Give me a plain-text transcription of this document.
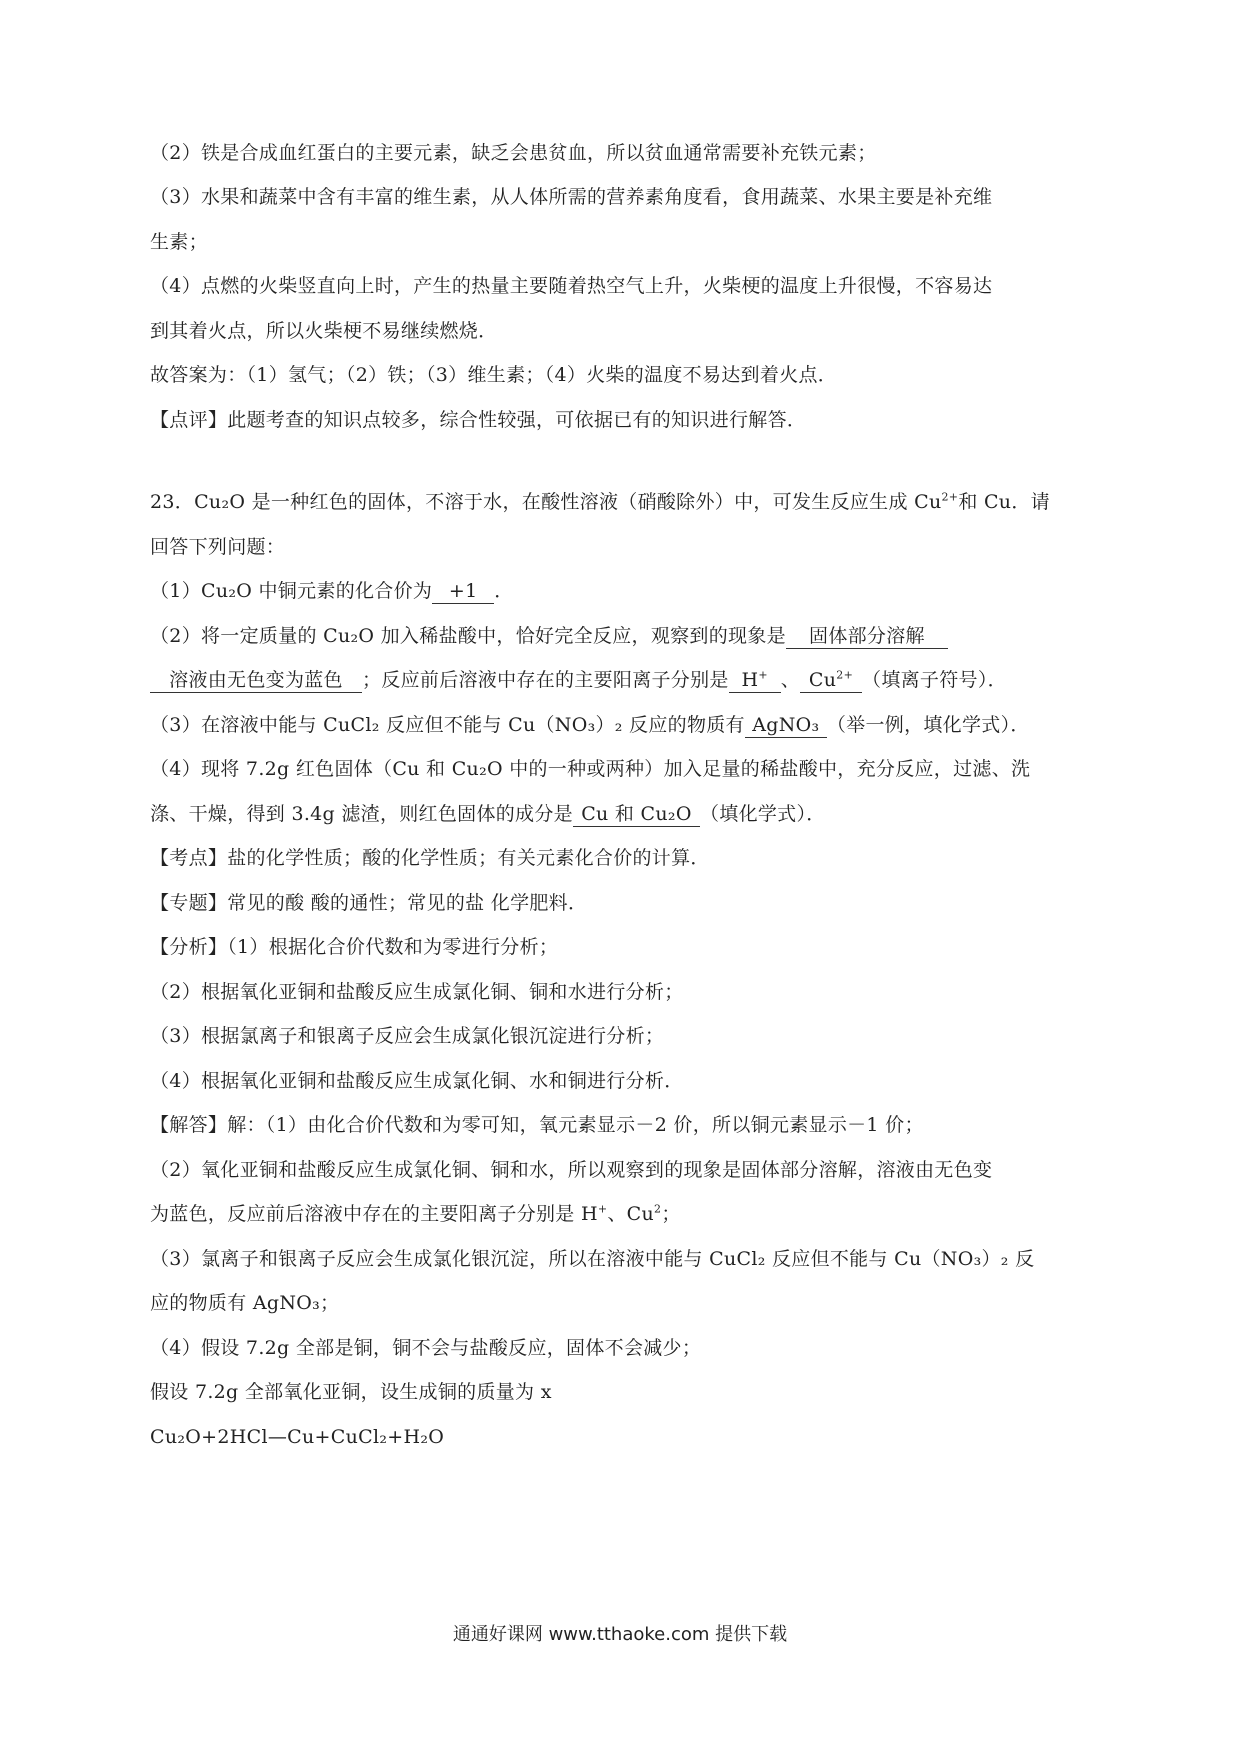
（2）铁是合成血红蛋白的主要元素，缺乏会患贫血，所以贫血通常需要补充铁元素；
（3）水果和蔬菜中含有丰富的维生素，从人体所需的营养素角度看，食用蔬菜、水果主要是补充维
生素；
（4）点燃的火柴竖直向上时，产生的热量主要随着热空气上升，火柴梗的温度上升很慢，不容易达
到其着火点，所以火柴梗不易继续燃烧．
故答案为：（1）氢气；（2）铁；（3）维生素；（4）火柴的温度不易达到着火点．
【点评】此题考查的知识点较多，综合性较强，可依据已有的知识进行解答．
23．Cu₂O 是一种红色的固体，不溶于水，在酸性溶液（硝酸除外）中，可发生反应生成 $Cu^{2+}$和 Cu．请
回答下列问题：
（1）Cu₂O 中铜元素的化合价为 +1 ．
（2）将一定质量的 Cu₂O 加入稀盐酸中，恰好完全反应，观察到的现象是 固体部分溶解
溶液由无色变为蓝色 ；反应前后溶液中存在的主要阳离子分别是 H+ 、 $Cu^{2+}$ （填离子符号）．
（3）在溶液中能与 CuCl₂ 反应但不能与 Cu（NO₃）₂ 反应的物质有 AgNO₃ （举一例，填化学式）．
（4）现将 7.2g 红色固体（Cu 和 Cu₂O 中的一种或两种）加入足量的稀盐酸中，充分反应，过滤、洗
涤、干燥，得到 3.4g 滤渣，则红色固体的成分是 Cu 和 Cu₂O （填化学式）．
【考点】盐的化学性质；酸的化学性质；有关元素化合价的计算．
【专题】常见的酸 酸的通性；常见的盐 化学肥料．
【分析】（1）根据化合价代数和为零进行分析；
（2）根据氧化亚铜和盐酸反应生成氯化铜、铜和水进行分析；
（3）根据氯离子和银离子反应会生成氯化银沉淀进行分析；
（4）根据氧化亚铜和盐酸反应生成氯化铜、水和铜进行分析．
【解答】解：（1）由化合价代数和为零可知，氧元素显示－2 价，所以铜元素显示－1 价；
（2）氧化亚铜和盐酸反应生成氯化铜、铜和水，所以观察到的现象是固体部分溶解，溶液由无色变
为蓝色，反应前后溶液中存在的主要阳离子分别是 H+、Cu$^2$；
（3）氯离子和银离子反应会生成氯化银沉淀，所以在溶液中能与 CuCl₂ 反应但不能与 Cu（NO₃）₂ 反
应的物质有 AgNO₃；
（4）假设 7.2g 全部是铜，铜不会与盐酸反应，固体不会减少；
假设 7.2g 全部氧化亚铜，设生成铜的质量为 x
Cu₂O+2HCl—Cu+CuCl₂+H₂O
通通好课网 www.tthaoke.com 提供下载
